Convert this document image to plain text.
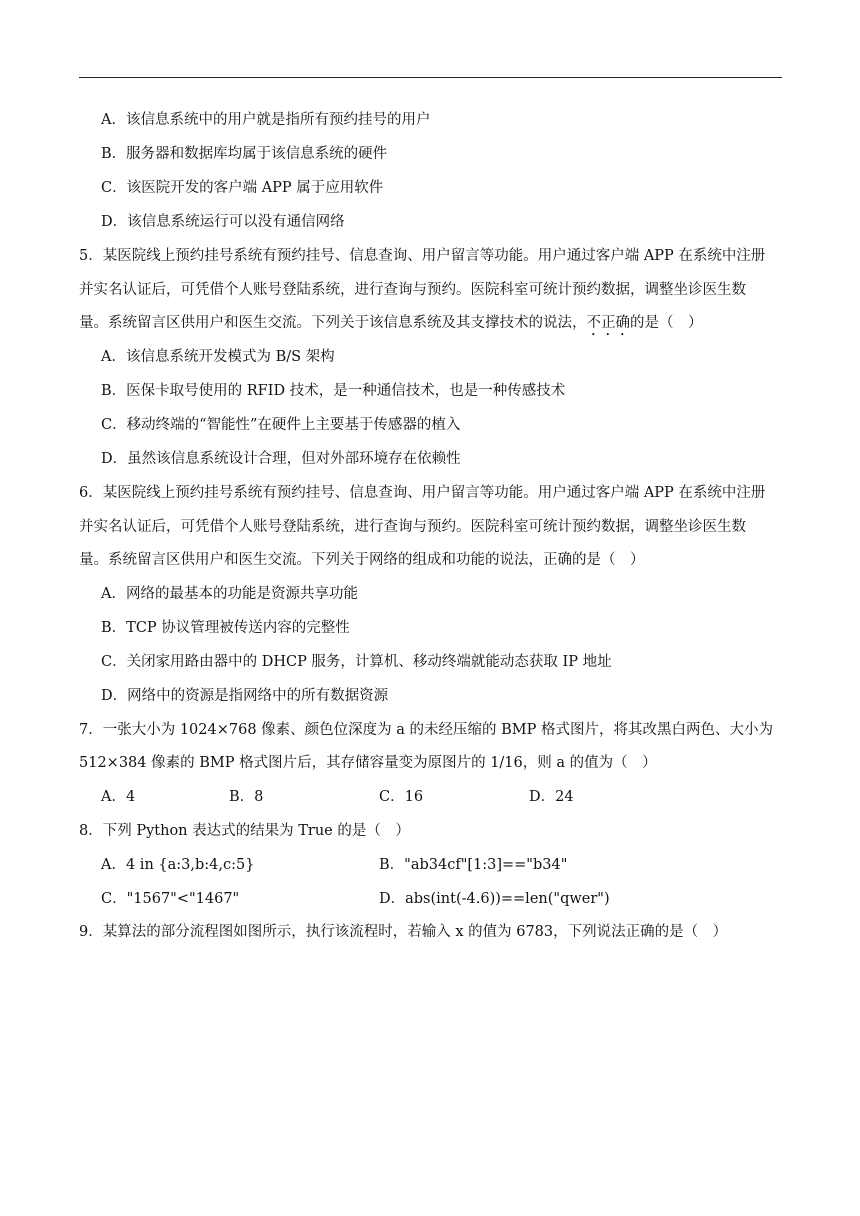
A．该信息系统中的用户就是指所有预约挂号的用户
B．服务器和数据库均属于该信息系统的硬件
C．该医院开发的客户端 APP 属于应用软件
D．该信息系统运行可以没有通信网络
5．某医院线上预约挂号系统有预约挂号、信息查询、用户留言等功能。用户通过客户端 APP 在系统中注册
并实名认证后，可凭借个人账号登陆系统，进行查询与预约。医院科室可统计预约数据，调整坐诊医生数
量。系统留言区供用户和医生交流。下列关于该信息系统及其支撑技术的说法，不正确的是（　）
A．该信息系统开发模式为 B/S 架构
B．医保卡取号使用的 RFID 技术，是一种通信技术，也是一种传感技术
C．移动终端的“智能性”在硬件上主要基于传感器的植入
D．虽然该信息系统设计合理，但对外部环境存在依赖性
6．某医院线上预约挂号系统有预约挂号、信息查询、用户留言等功能。用户通过客户端 APP 在系统中注册
并实名认证后，可凭借个人账号登陆系统，进行查询与预约。医院科室可统计预约数据，调整坐诊医生数
量。系统留言区供用户和医生交流。下列关于网络的组成和功能的说法，正确的是（　）
A．网络的最基本的功能是资源共享功能
B．TCP 协议管理被传送内容的完整性
C．关闭家用路由器中的 DHCP 服务，计算机、移动终端就能动态获取 IP 地址
D．网络中的资源是指网络中的所有数据资源
7．一张大小为 1024×768 像素、颜色位深度为 a 的未经压缩的 BMP 格式图片，将其改黑白两色、大小为
512×384 像素的 BMP 格式图片后，其存储容量变为原图片的 1/16，则 a 的值为（　）
A．4	B．8	C．16	D．24
8．下列 Python 表达式的结果为 True 的是（　）
A．4 in {a:3,b:4,c:5}	B．"ab34cf"[1:3]=="b34"
C．"1567"<"1467"	D．abs(int(-4.6))==len("qwer")
9．某算法的部分流程图如图所示，执行该流程时，若输入 x 的值为 6783，下列说法正确的是（　）
